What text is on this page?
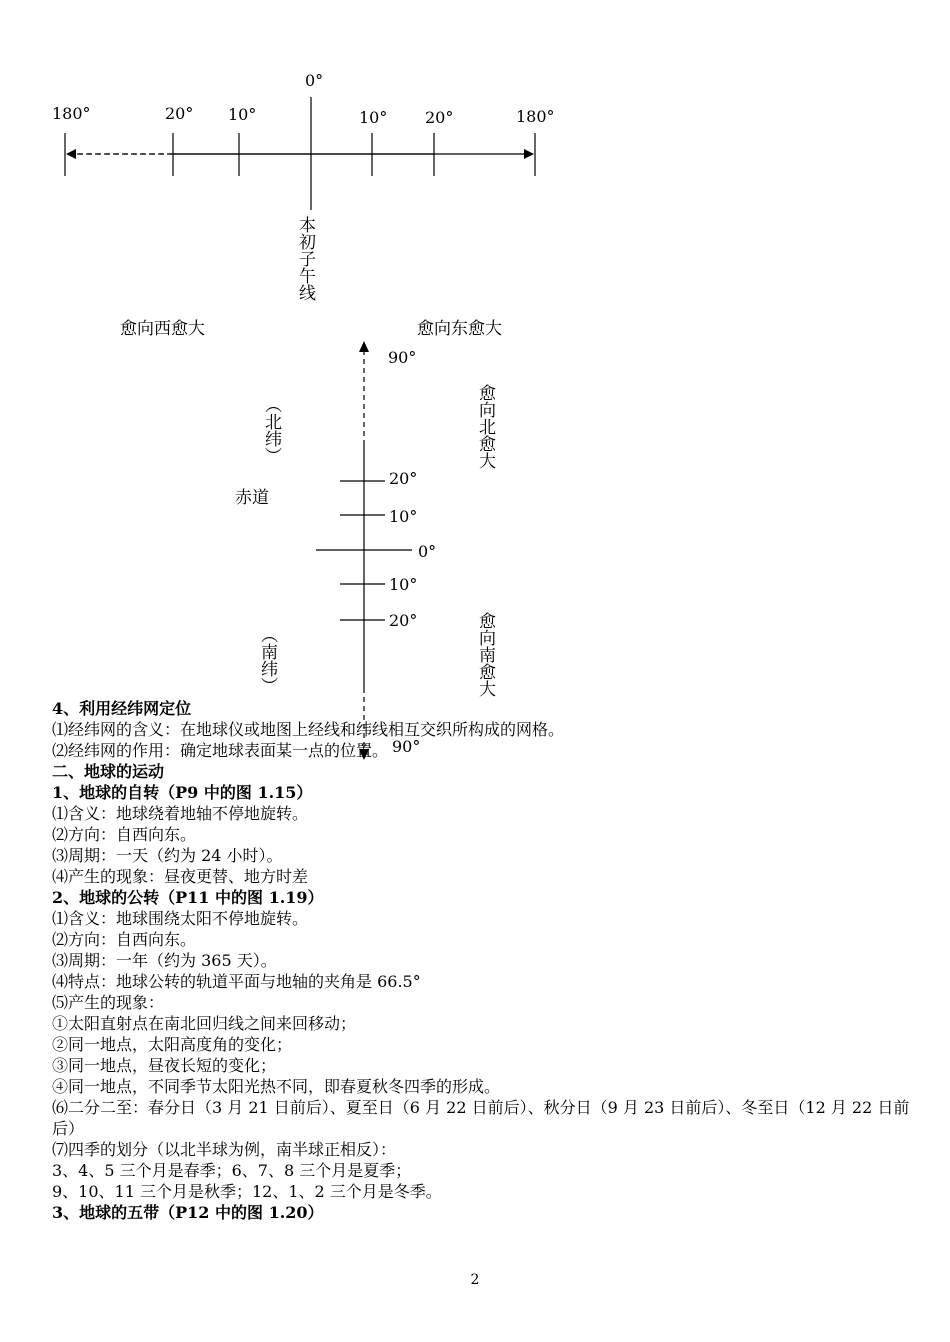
0°
180°	20° 10°	10° 20°	180°
本初子午线
愈向西愈大	愈向东愈大
90°
（北纬）	愈向北愈大
赤道
20°
10°
0°
10°
20°
（南纬）	愈向南愈大
90°
4、利用经纬网定位
⑴经纬网的含义：在地球仪或地图上经线和纬线相互交织所构成的网格。
⑵经纬网的作用：确定地球表面某一点的位置。
二、地球的运动
1、地球的自转（P9 中的图 1.15）
⑴含义：地球绕着地轴不停地旋转。
⑵方向：自西向东。
⑶周期：一天（约为 24 小时）。
⑷产生的现象：昼夜更替、地方时差
2、地球的公转（P11 中的图 1.19）
⑴含义：地球围绕太阳不停地旋转。
⑵方向：自西向东。
⑶周期：一年（约为 365 天）。
⑷特点：地球公转的轨道平面与地轴的夹角是 66.5°
⑸产生的现象：
①太阳直射点在南北回归线之间来回移动；
②同一地点，太阳高度角的变化；
③同一地点，昼夜长短的变化；
④同一地点，不同季节太阳光热不同，即春夏秋冬四季的形成。
⑹二分二至：春分日（3 月 21 日前后）、夏至日（6 月 22 日前后）、秋分日（9 月 23 日前后）、冬至日（12 月 22 日前后）
⑺四季的划分（以北半球为例，南半球正相反）：
3、4、5 三个月是春季；6、7、8 三个月是夏季；
9、10、11 三个月是秋季；12、1、2 三个月是冬季。
3、地球的五带（P12 中的图 1.20）
2
